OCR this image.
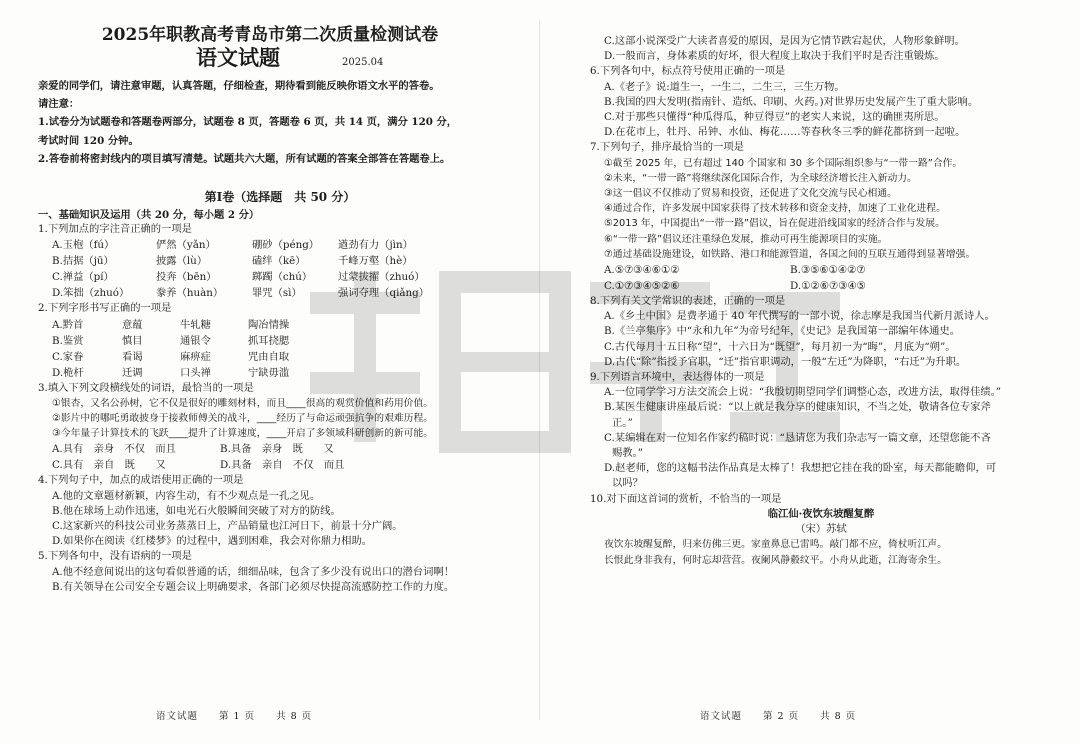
2025年职教高考青岛市第二次质量检测试卷
语文试题	2025.04
亲爱的同学们，请注意审题，认真答题，仔细检查，期待看到能反映你语文水平的答卷。
请注意：
1.试卷分为试题卷和答题卷两部分，试题卷 8 页，答题卷 6 页，共 14 页，满分 120 分，
考试时间 120 分钟。
2.答卷前将密封线内的项目填写清楚。试题共六大题，所有试题的答案全部答在答题卷上。
第Ⅰ卷（选择题　共 50 分）
一、基础知识及运用（共 20 分，每小题 2 分）
1.下列加点的字注音正确的一项是
A.玉枹（fú）	俨然（yǎn）	硼砂（péng）	遒劲有力（jìn）
B.拮据（jū）	披露（lù）	磕绊（kē）	千峰万壑（hè）
C.禅益（pí）	投奔（bēn）	踯躅（chú）	过蒙拔擢（zhuó）
D.笨拙（zhuó）	豢养（huàn）	罪咒（sì）	强词夺理（qiǎng）
2.下列字形书写正确的一项是
A.黔首	意蕴	牛轧糖	陶冶情操
B.鉴赏	慎目	通银令	抓耳挠腮
C.家眷	看谒	麻痹症	咒由自取
D.桅杆	迁调	口头禅	宁缺毋滥
3.填入下列文段横线处的词语，最恰当的一项是
①银杏，又名公孙树，它不仅是很好的雕刻材料，而且____很高的观赏价值和药用价值。
②影片中的哪吒勇敢披身于接救师傅关的战斗，____经历了与命运顽强抗争的艰难历程。
③今年量子计算技术的飞跃____提升了计算速度，____开启了多领域科研创新的新可能。
A.具有　亲身　不仅　而且	B.具备　亲身　既　　又
C.具有　亲自　既　　又	D.具备　亲自　不仅　而且
4.下列句子中，加点的成语使用正确的一项是
A.他的文章题材新颖，内容生动，有不少观点是一孔之见。
B.他在球场上动作迅速，如电光石火般瞬间突破了对方的防线。
C.这家新兴的科技公司业务蒸蒸日上，产品销量也江河日下，前景十分广阔。
D.如果你在阅读《红楼梦》的过程中，遇到困难，我会对你鼎力相助。
5.下列各句中，没有语病的一项是
A.他不经意间说出的这句看似普通的话，细细品味，包含了多少没有说出口的潜台词啊！
B.有关领导在公司安全专题会议上明确要求，各部门必须尽快提高流感防控工作的力度。
语文试题　　第 1 页　　共 8 页
C.这部小说深受广大读者喜爱的原因，是因为它情节跌宕起伏，人物形象鲜明。
D.一般而言，身体素质的好坏，很大程度上取决于我们平时是否注重锻炼。
6.下列各句中，标点符号使用正确的一项是
A.《老子》说:道生一，一生二，二生三，三生万物。
B.我国的四大发明(指南针、造纸、印刷、火药。)对世界历史发展产生了重大影响。
C.对于那些只懂得“种瓜得瓜，种豆得豆”的老实人来说，这的确匪夷所思。
D.在花市上，牡丹、吊钟、水仙、梅花……等春秋冬三季的鲜花都挤到一起啦。
7.下列句子，排序最恰当的一项是
①截至 2025 年，已有超过 140 个国家和 30 多个国际组织参与“一带一路”合作。
②未来，“一带一路”将继续深化国际合作，为全球经济增长注入新动力。
③这一倡议不仅推动了贸易和投资，还促进了文化交流与民心相通。
④通过合作，许多发展中国家获得了技术转移和资金支持，加速了工业化进程。
⑤2013 年，中国提出“一带一路”倡议，旨在促进沿线国家的经济合作与发展。
⑥“一带一路”倡议还注重绿色发展，推动可再生能源项目的实施。
⑦通过基础设施建设，如铁路、港口和能源管道，各国之间的互联互通得到显著增强。
A.⑤⑦③④⑥①②	B.③⑤⑥①④②⑦
C.①⑦③④⑤②⑥	D.①②⑥⑦③④⑤
8.下列有关文学常识的表述，正确的一项是
A.《乡土中国》是费孝通于 40 年代撰写的一部小说，徐志摩是我国当代新月派诗人。
B.《兰亭集序》中“永和九年”为帝号纪年，《史记》是我国第一部编年体通史。
C.古代每月十五日称“望”，十六日为“既望”，每月初一为“晦”，月底为“朔”。
D.古代“除”指授予官职，“迁”指官职调动，一般“左迁”为降职，“右迁”为升职。
9.下列语言环境中，表达得体的一项是
A.一位同学学习方法交流会上说：“我殷切期望同学们调整心态，改进方法，取得佳绩。”
B.某医生健康讲座最后说：“以上就是我分享的健康知识，不当之处，敬请各位专家斧
正。”
C.某编辑在对一位知名作家约稿时说：“恳请您为我们杂志写一篇文章，还望您能不吝
赐教。”
D.赵老师，您的这幅书法作品真是太棒了！我想把它挂在我的卧室，每天都能瞻仰，可
以吗？
10.对下面这首词的赏析，不恰当的一项是
临江仙·夜饮东坡醒复醉
（宋）苏轼
夜饮东坡醒复醉，归来仿佛三更。家童鼻息已雷鸣。敲门都不应，倚杖听江声。
长恨此身非我有，何时忘却营营。夜阑风静縠纹平。小舟从此逝，江海寄余生。
语文试题　　第 2 页　　共 8 页
